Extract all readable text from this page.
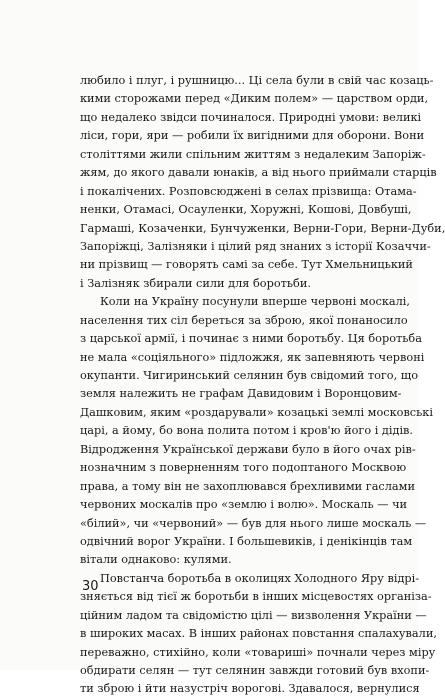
любило і плуг, і рушницю... Ці села були в свій час козаць-
кими сторожами перед «Диким полем» — царством орди,
що недалеко звідси починалося. Природні умови: великі
ліси, гори, яри — робили їх вигідними для оборони. Вони
століттями жили спільним життям з недалеким Запоріж-
жям, до якого давали юнаків, а від нього приймали старців
і покалічених. Розповсюджені в селах прізвища: Отама-
ненки, Отамасі, Осауленки, Хоружні, Кошові, Довбуші,
Гармаші, Козаченки, Бунчуженки, Верни-Гори, Верни-Дуби,
Запоріжці, Залізняки і цілий ряд знаних з історії Козаччи-
ни прізвищ — говорять самі за себе. Тут Хмельницький
і Залізняк збирали сили для боротьби.
Коли на Україну посунули вперше червоні москалі,
населення тих сіл береться за зброю, якої понаносило
з царської армії, і починає з ними боротьбу. Ця боротьба
не мала «соціяльного» підложжя, як запевняють червоні
окупанти. Чигиринський селянин був свідомий того, що
земля належить не графам Давидовим і Воронцовим-
Дашковим, яким «роздарували» козацькі землі московські
царі, а йому, бо вона полита потом і кров'ю його і дідів.
Відродження Української держави було в його очах рів-
нозначним з поверненням того подоптаного Москвою
права, а тому він не захоплювався брехливими гаслами
червоних москалів про «землю і волю». Москаль — чи
«білий», чи «червоний» — був для нього лише москаль —
одвічний ворог України. І большевиків, і денікінців там
вітали однаково: кулями.
Повстанча боротьба в околицях Холодного Яру відрі-
зняється від тієї ж боротьби в інших місцевостях організа-
ційним ладом та свідомістю цілі — визволення України —
в широких масах. В інших районах повстання спалахували,
переважно, стихійно, коли «товариші» почнали через міру
обдирати селян — тут селянин завжди готовий був вхопи-
ти зброю і йти назустріч ворогові. Здавалося, вернулися
30
